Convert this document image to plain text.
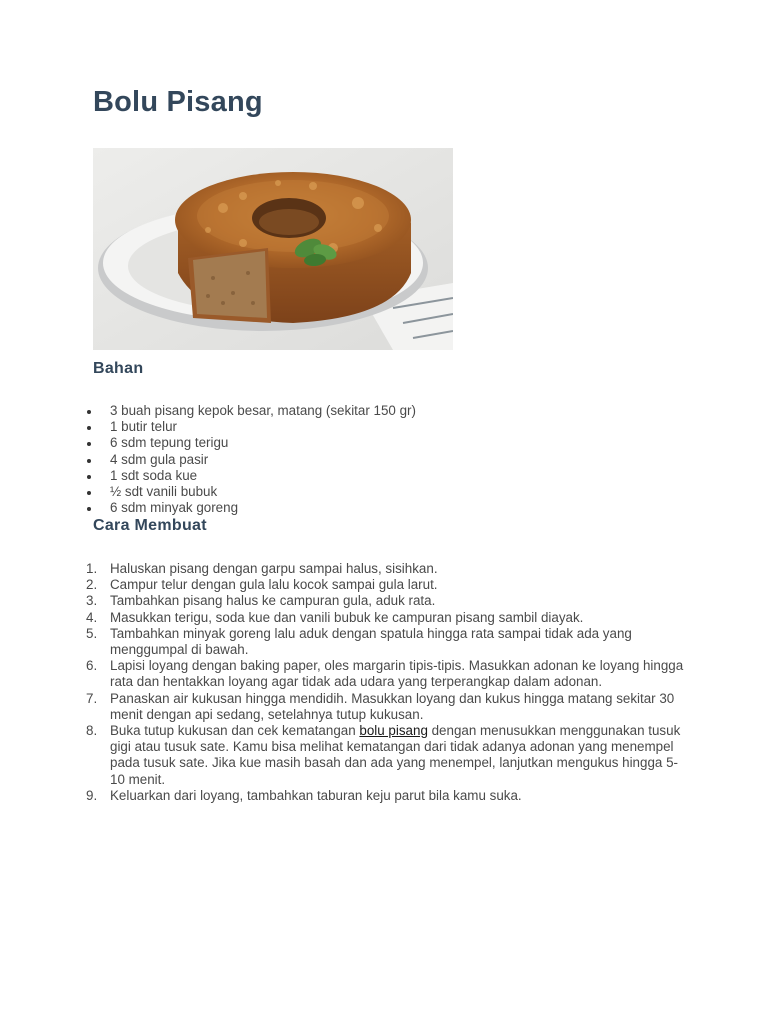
Bolu Pisang
Bahan
3 buah pisang kepok besar, matang (sekitar 150 gr)
1 butir telur
6 sdm tepung terigu
4 sdm gula pasir
1 sdt soda kue
½ sdt vanili bubuk
6 sdm minyak goreng
Cara Membuat
1. Haluskan pisang dengan garpu sampai halus, sisihkan.
2. Campur telur dengan gula lalu kocok sampai gula larut.
3. Tambahkan pisang halus ke campuran gula, aduk rata.
4. Masukkan terigu, soda kue dan vanili bubuk ke campuran pisang sambil diayak.
5. Tambahkan minyak goreng lalu aduk dengan spatula hingga rata sampai tidak ada yang menggumpal di bawah.
6. Lapisi loyang dengan baking paper, oles margarin tipis-tipis. Masukkan adonan ke loyang hingga rata dan hentakkan loyang agar tidak ada udara yang terperangkap dalam adonan.
7. Panaskan air kukusan hingga mendidih. Masukkan loyang dan kukus hingga matang sekitar 30 menit dengan api sedang, setelahnya tutup kukusan.
8. Buka tutup kukusan dan cek kematangan bolu pisang dengan menusukkan menggunakan tusuk gigi atau tusuk sate. Kamu bisa melihat kematangan dari tidak adanya adonan yang menempel pada tusuk sate. Jika kue masih basah dan ada yang menempel, lanjutkan mengukus hingga 5-10 menit.
9. Keluarkan dari loyang, tambahkan taburan keju parut bila kamu suka.
